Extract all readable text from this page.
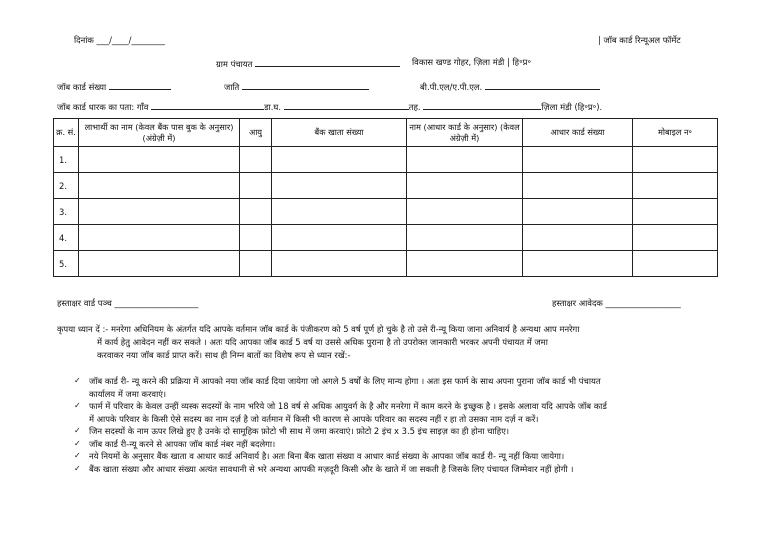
दिनांक ___/____/________	| जॉब कार्ड रिन्यूअल फॉर्मेट
ग्राम पंचायत	विकास खण्ड गोहर, ज़िला मंडी | हि॰प्र॰
जॉब कार्ड संख्या	जाति	बी.पी.एल/ए.पी.एल.
जॉब कार्ड धारक का पता: गाँव	डा.घ.	तह.	ज़िला मंडी (हि॰प्र॰).
क्र. सं.	लाभार्थी का नाम (केवल बैंक पास बुक के अनुसार) (अंग्रेज़ी में)	आयु	बैंक खाता संख्या	नाम (आधार कार्ड के अनुसार) (केवल अंग्रेज़ी में)	आधार कार्ड संख्या	मोबाइल न॰
1.						
2.						
3.						
4.						
5.						
हस्ताक्षर वार्ड पञ्च ____________________	हस्ताक्षर आवेदक __________________
कृपया ध्यान दें :- मनरेगा अधिनियम के अंतर्गत यदि आपके वर्तमान जॉब कार्ड के पंजीकरण को 5 वर्ष पूर्ण हो चुके है तो उसे री-न्यू किया जाना अनिवार्य है अन्यथा आप मनरेगा
में कार्य हेतु आवेदन नहीं कर सकते । अतः यदि आपका जॉब कार्ड 5 वर्ष या उससे अधिक पुराना है तो उपरोक्त जानकारी भरकर अपनी पंचायत में जमा
करवाकर नया जॉब कार्ड प्राप्त करें। साथ ही निम्न बातों का विशेष रूप से ध्यान रखें:-
✓ जॉब कार्ड री- न्यू करने की प्रक्रिया में आपको नया जॉब कार्ड दिया जायेगा जो अगले 5 वर्षों के लिए मान्य होगा । अतः इस फार्म के साथ अपना पुराना जॉब कार्ड भी पंचायत
कार्यालय में जमा करवाएं।
✓ फार्म में परिवार के केवल उन्हीं व्यस्क सदस्यों के नाम भरिये जो 18 वर्ष से अधिक आयुवर्ग के है और मनरेगा में काम करने के इच्छुक है । इसके अलावा यदि आपके जॉब कार्ड
में आपके परिवार के किसी ऐसे सदस्य का नाम दर्ज़ है जो वर्तमान में किसी भी कारण से आपके परिवार का सदस्य नहीं र हा तो उसका नाम दर्ज़ न करें।
✓ जिन सदस्यों के नाम ऊपर लिखे हुए है उनके दो सामूहिक फ़ोटो भी साथ में जमा करवाएं। फ़ोटो 2 इंच x 3.5 इंच साइज़ का ही होना चाहिए।
✓ जॉब कार्ड री-न्यू करने से आपका जॉब कार्ड नंबर नहीं बदलेगा।
✓ नये नियमों के अनुसार बैंक खाता व आधार कार्ड अनिवार्य है। अतः बिना बैंक खाता संख्या व आधार कार्ड संख्या के आपका जॉब कार्ड री- न्यू नहीं किया जायेगा।
✓ बैंक खाता संख्या और आधार संख्या अत्यंत सावधानी से भरे अन्यथा आपकी मज़दूरी किसी और के खाते में जा सकती है जिसके लिए पंचायत जिम्मेवार नहीं होगी ।
